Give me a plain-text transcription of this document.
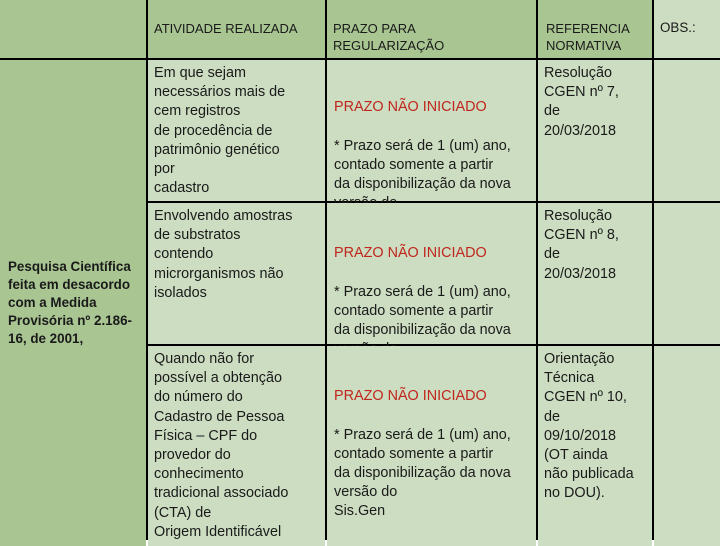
ATIVIDADE REALIZADA	PRAZO PARA
REGULARIZAÇÃO
REFERENCIA
NORMATIVA
OBS.:
Pesquisa Científica feita em desacordo com a Medida Provisória nº 2.186-16, de 2001,
Em que sejam
necessários mais de
cem registros
de procedência de
patrimônio genético
por
cadastro

PRAZO NÃO INICIADO

* Prazo será de 1 (um) ano,
contado somente a partir
da disponibilização da nova

Resolução
CGEN nº 7,
de
20/03/2018
Envolvendo amostras
de substratos
contendo
microrganismos não
isolados

PRAZO NÃO INICIADO

* Prazo será de 1 (um) ano,
contado somente a partir
da disponibilização da nova

Resolução
CGEN nº 8,
de
20/03/2018
Quando não for
possível a obtenção
do número do
Cadastro de Pessoa
Física – CPF do
provedor do
conhecimento
tradicional associado
(CTA) de
Origem Identificável

PRAZO NÃO INICIADO

* Prazo será de 1 (um) ano,
contado somente a partir
da disponibilização da nova
versão do
Sis.Gen

Orientação
Técnica
CGEN nº 10,
de
09/10/2018
(OT ainda
não publicada
no DOU).
